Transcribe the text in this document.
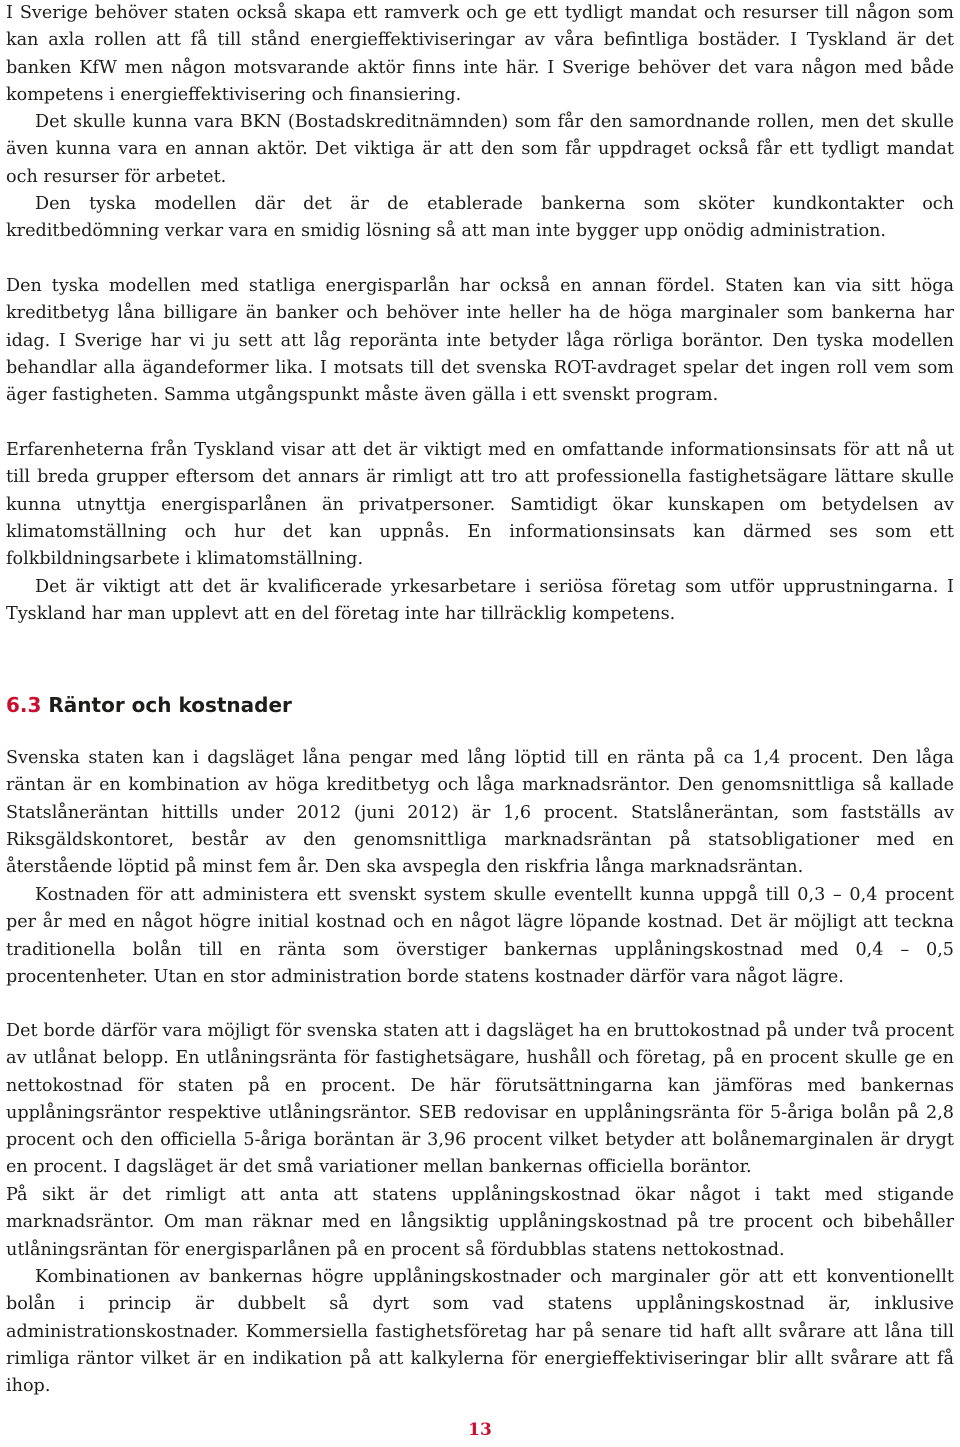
I Sverige behöver staten också skapa ett ramverk och ge ett tydligt mandat och resurser till någon som kan axla rollen att få till stånd energieffektiviseringar av våra befintliga bostäder. I Tyskland är det banken KfW men någon motsvarande aktör finns inte här. I Sverige behöver det vara någon med både kompetens i energieffektivisering och finansiering.

Det skulle kunna vara BKN (Bostadskreditnämnden) som får den samordnande rollen, men det skulle även kunna vara en annan aktör. Det viktiga är att den som får uppdraget också får ett tydligt mandat och resurser för arbetet.

Den tyska modellen där det är de etablerade bankerna som sköter kundkontakter och kreditbedömning verkar vara en smidig lösning så att man inte bygger upp onödig administration.

Den tyska modellen med statliga energisparlån har också en annan fördel. Staten kan via sitt höga kreditbetyg låna billigare än banker och behöver inte heller ha de höga marginaler som bankerna har idag. I Sverige har vi ju sett att låg reporänta inte betyder låga rörliga boräntor. Den tyska modellen behandlar alla ägandeformer lika. I motsats till det svenska ROT-avdraget spelar det ingen roll vem som äger fastigheten. Samma utgångspunkt måste även gälla i ett svenskt program.

Erfarenheterna från Tyskland visar att det är viktigt med en omfattande informationsinsats för att nå ut till breda grupper eftersom det annars är rimligt att tro att professionella fastighetsägare lättare skulle kunna utnyttja energisparlånen än privatpersoner. Samtidigt ökar kunskapen om betydelsen av klimatomställning och hur det kan uppnås. En informationsinsats kan därmed ses som ett folkbildningsarbete i klimatomställning.

Det är viktigt att det är kvalificerade yrkesarbetare i seriösa företag som utför upprustningarna. I Tyskland har man upplevt att en del företag inte har tillräcklig kompetens.

6.3 Räntor och kostnader

Svenska staten kan i dagsläget låna pengar med lång löptid till en ränta på ca 1,4 procent. Den låga räntan är en kombination av höga kreditbetyg och låga marknadsräntor. Den genomsnittliga så kallade Statslåneräntan hittills under 2012 (juni 2012) är 1,6 procent. Statslåneräntan, som fastställs av Riksgäldskontoret, består av den genomsnittliga marknadsräntan på statsobligationer med en återstående löptid på minst fem år. Den ska avspegla den riskfria långa marknadsräntan.

Kostnaden för att administera ett svenskt system skulle eventellt kunna uppgå till 0,3 – 0,4 procent per år med en något högre initial kostnad och en något lägre löpande kostnad. Det är möjligt att teckna traditionella bolån till en ränta som överstiger bankernas upplåningskostnad med 0,4 – 0,5 procentenheter. Utan en stor administration borde statens kostnader därför vara något lägre.

Det borde därför vara möjligt för svenska staten att i dagsläget ha en bruttokostnad på under två procent av utlånat belopp. En utlåningsränta för fastighetsägare, hushåll och företag, på en procent skulle ge en nettokostnad för staten på en procent. De här förutsättningarna kan jämföras med bankernas upplåningsräntor respektive utlåningsräntor. SEB redovisar en upplåningsränta för 5-åriga bolån på 2,8 procent och den officiella 5-åriga boräntan är 3,96 procent vilket betyder att bolånemarginalen är drygt en procent. I dagsläget är det små variationer mellan bankernas officiella boräntor.

På sikt är det rimligt att anta att statens upplåningskostnad ökar något i takt med stigande marknadsräntor. Om man räknar med en långsiktig upplåningskostnad på tre procent och bibehåller utlåningsräntan för energisparlånen på en procent så fördubblas statens nettokostnad.

Kombinationen av bankernas högre upplåningskostnader och marginaler gör att ett konventionellt bolån i princip är dubbelt så dyrt som vad statens upplåningskostnad är, inklusive administrationskostnader. Kommersiella fastighetsföretag har på senare tid haft allt svårare att låna till rimliga räntor vilket är en indikation på att kalkylerna för energieffektiviseringar blir allt svårare att få ihop.

13
